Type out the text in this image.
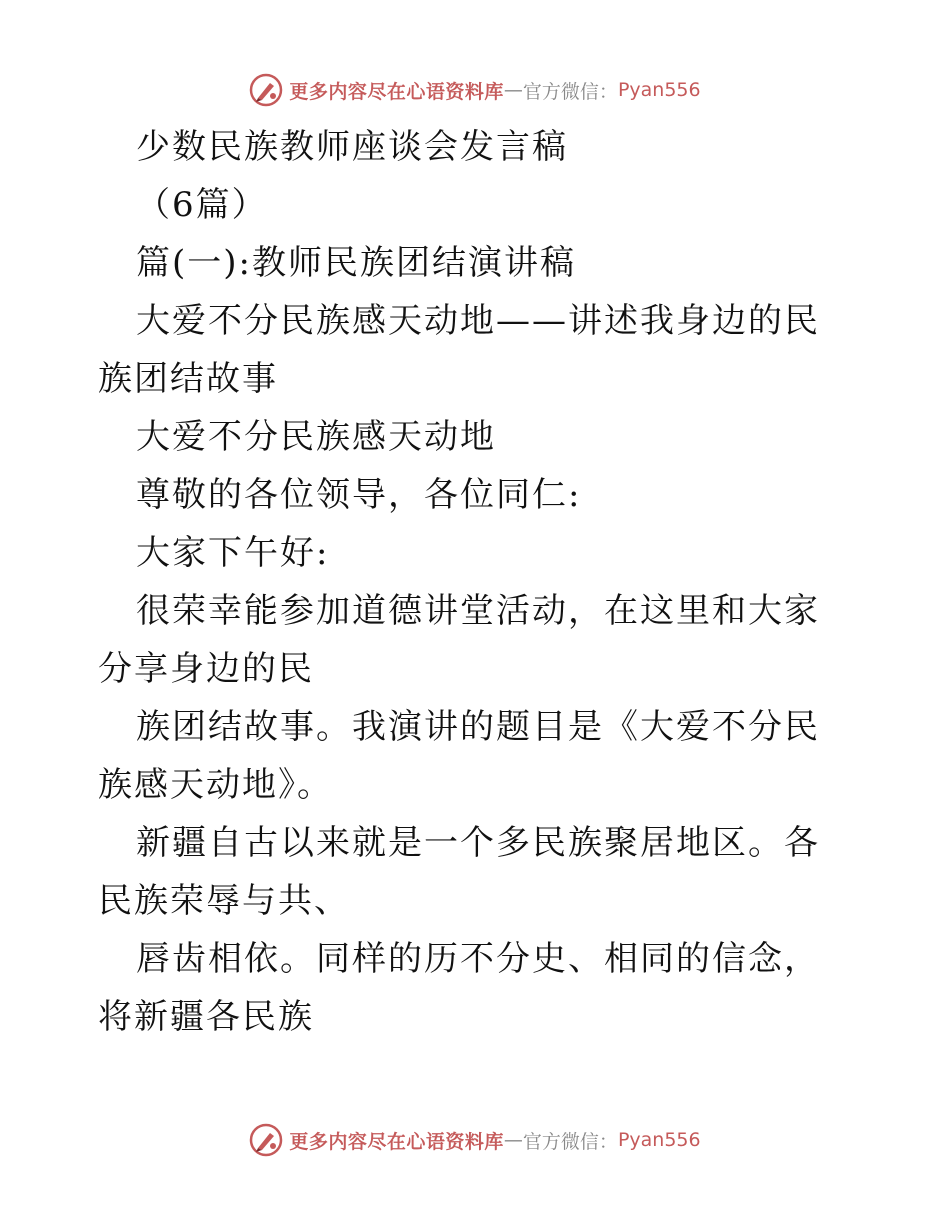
更多内容尽在心语资料库 — 官方微信： Pyan556

少数民族教师座谈会发言稿

（6篇）

篇(一):教师民族团结演讲稿

大爱不分民族感天动地——讲述我身边的民族团结故事

大爱不分民族感天动地

尊敬的各位领导，各位同仁:

大家下午好:

很荣幸能参加道德讲堂活动，在这里和大家分享身边的民

族团结故事。我演讲的题目是《大爱不分民族感天动地》。

新疆自古以来就是一个多民族聚居地区。各民族荣辱与共、

唇齿相依。同样的历不分史、相同的信念，将新疆各民族

更多内容尽在心语资料库 — 官方微信： Pyan556
